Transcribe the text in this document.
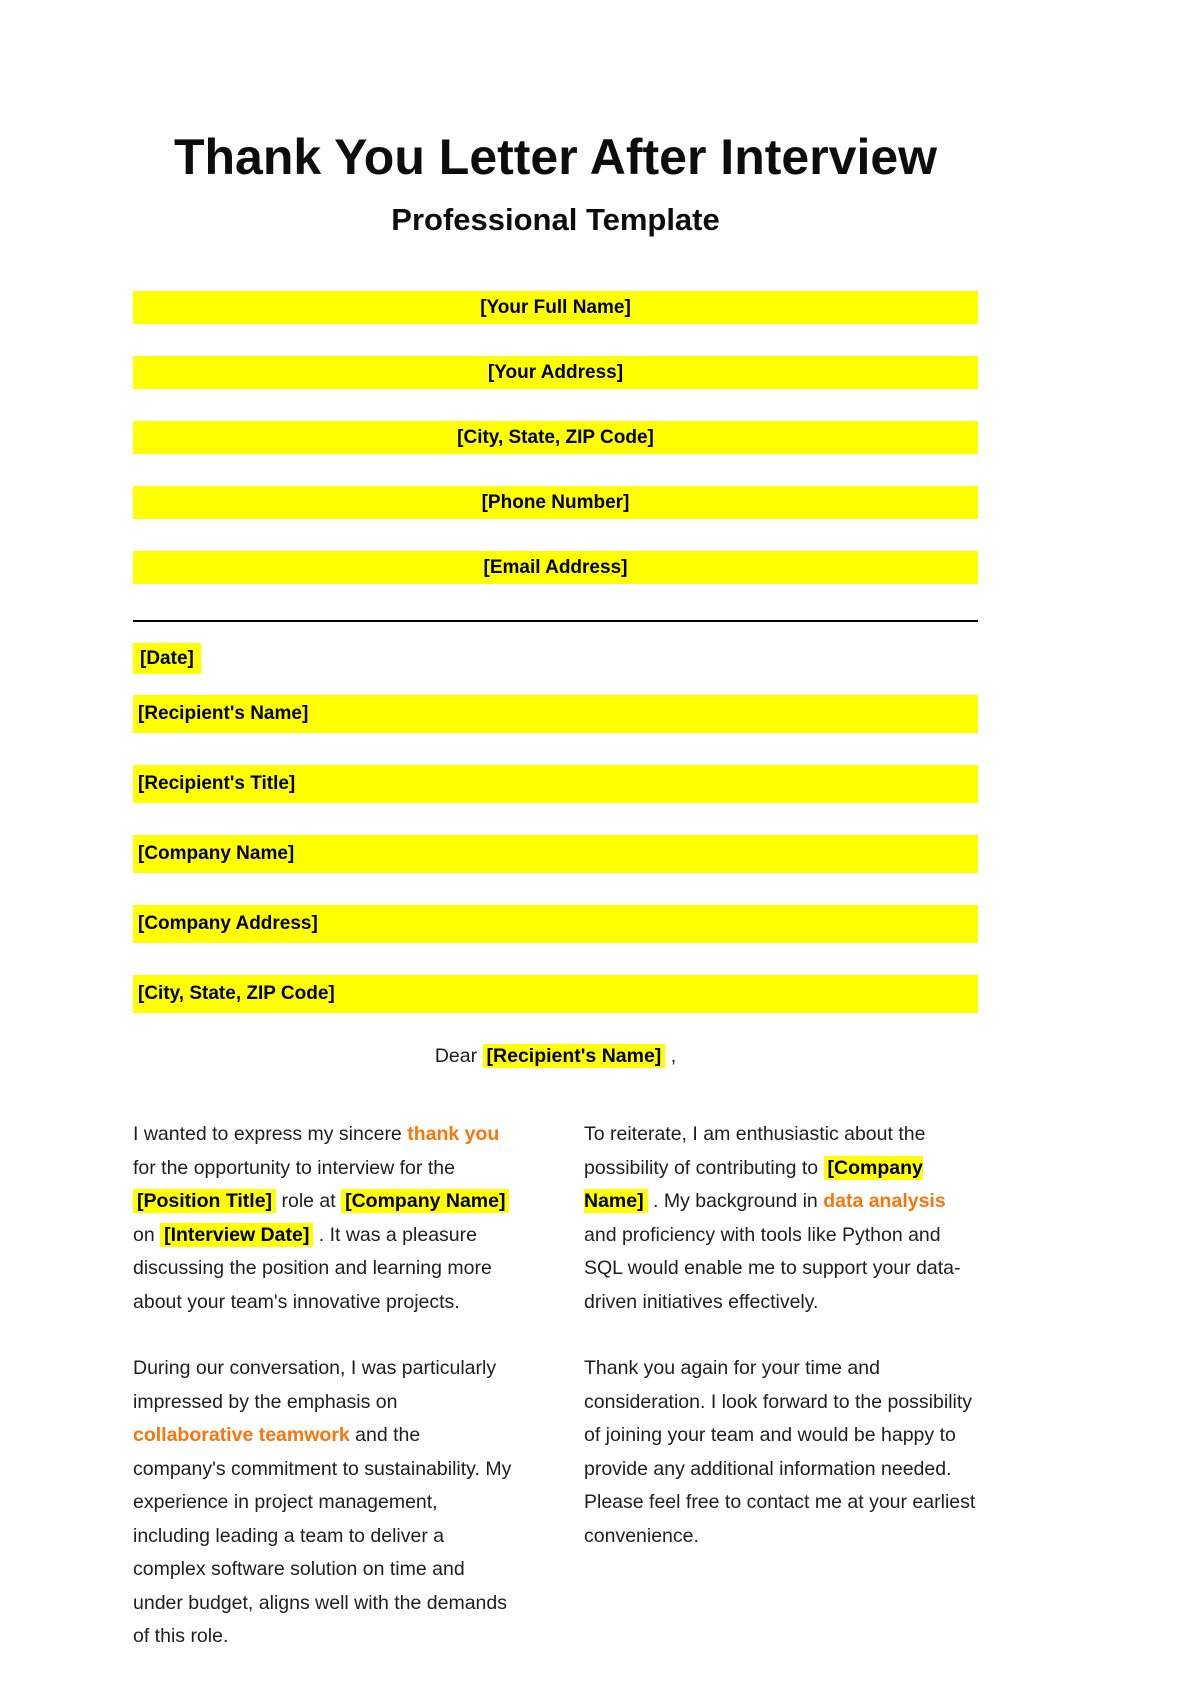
Thank You Letter After Interview
Professional Template
[Your Full Name]
[Your Address]
[City, State, ZIP Code]
[Phone Number]
[Email Address]
[Date]
[Recipient's Name]
[Recipient's Title]
[Company Name]
[Company Address]
[City, State, ZIP Code]

Dear [Recipient's Name] ,

I wanted to express my sincere thank you for the opportunity to interview for the [Position Title] role at [Company Name] on [Interview Date] . It was a pleasure discussing the position and learning more about your team's innovative projects.

During our conversation, I was particularly impressed by the emphasis on collaborative teamwork and the company's commitment to sustainability. My experience in project management, including leading a team to deliver a complex software solution on time and under budget, aligns well with the demands of this role.

To reiterate, I am enthusiastic about the possibility of contributing to [Company Name] . My background in data analysis and proficiency with tools like Python and SQL would enable me to support your data-driven initiatives effectively.

Thank you again for your time and consideration. I look forward to the possibility of joining your team and would be happy to provide any additional information needed. Please feel free to contact me at your earliest convenience.
